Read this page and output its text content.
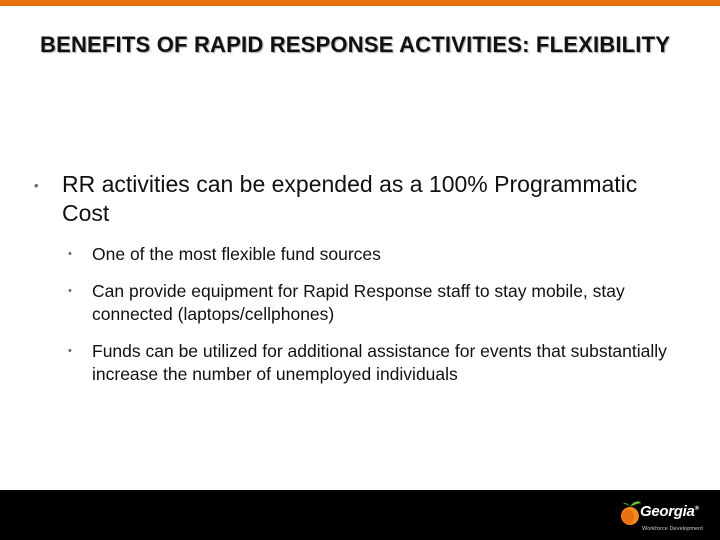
BENEFITS OF RAPID RESPONSE ACTIVITIES: FLEXIBILITY
• RR activities can be expended as a 100% Programmatic Cost
• One of the most flexible fund sources
• Can provide equipment for Rapid Response staff to stay mobile, stay connected (laptops/cellphones)
• Funds can be utilized for additional assistance for events that substantially increase the number of unemployed individuals
Georgia®
Workforce Development
